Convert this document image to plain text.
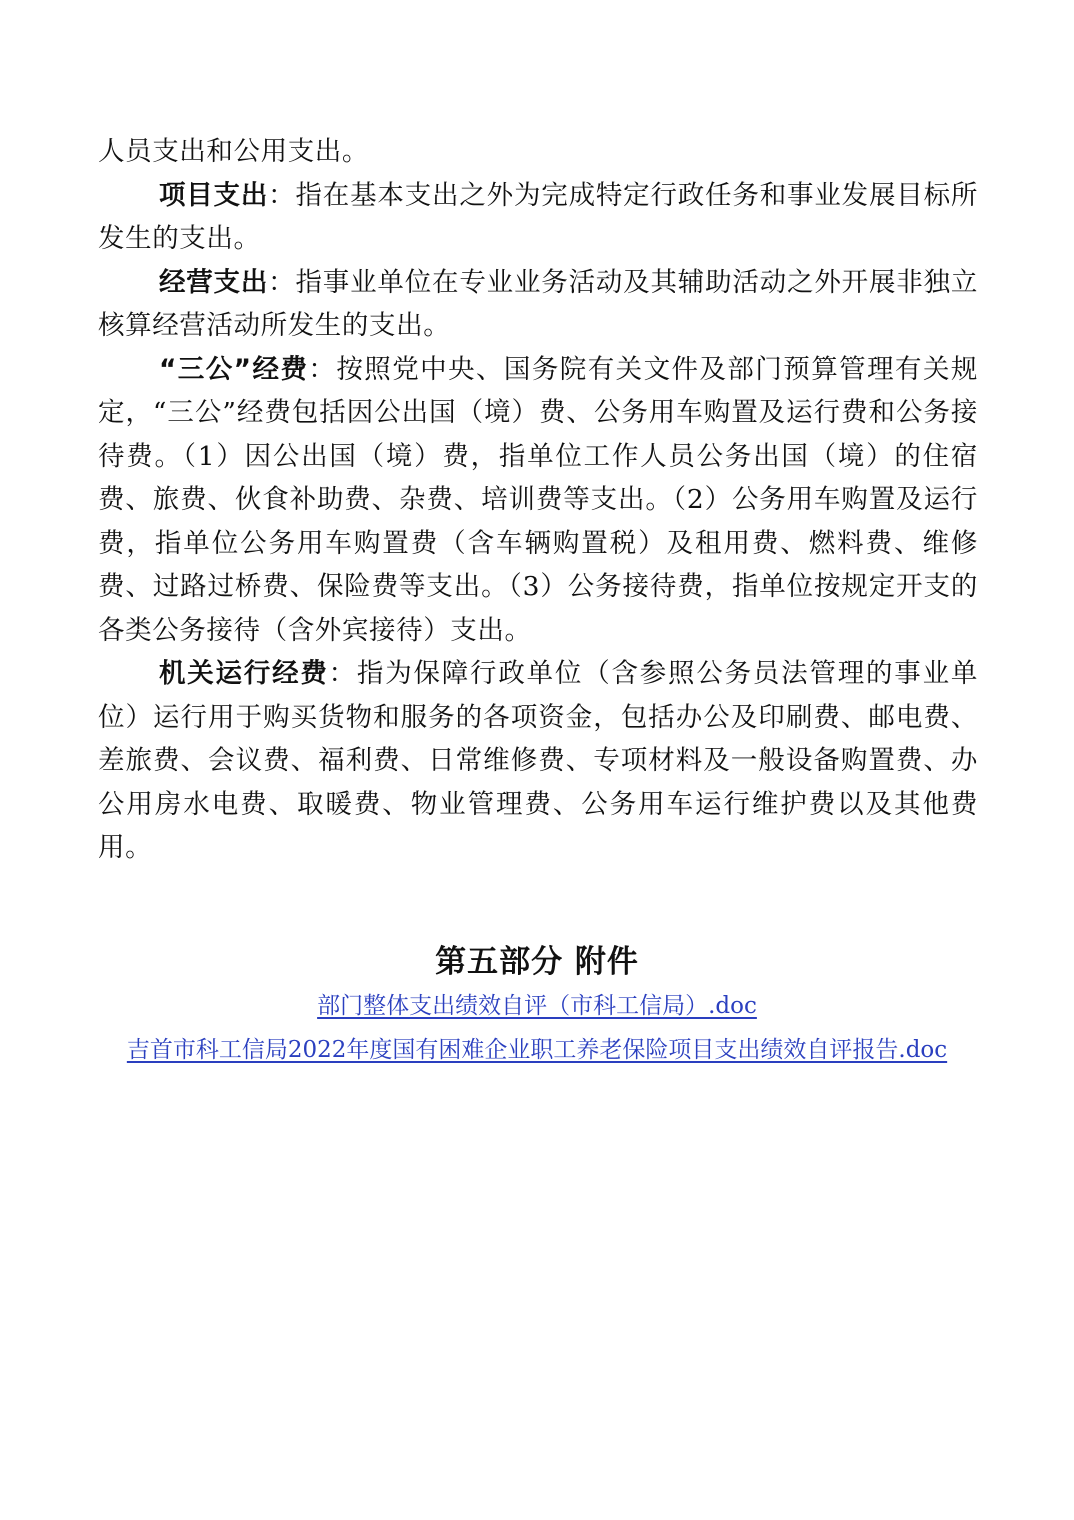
人员支出和公用支出。

项目支出：指在基本支出之外为完成特定行政任务和事业发展目标所发生的支出。

经营支出：指事业单位在专业业务活动及其辅助活动之外开展非独立核算经营活动所发生的支出。

“三公”经费：按照党中央、国务院有关文件及部门预算管理有关规定，“三公”经费包括因公出国（境）费、公务用车购置及运行费和公务接待费。（1）因公出国（境）费，指单位工作人员公务出国（境）的住宿费、旅费、伙食补助费、杂费、培训费等支出。（2）公务用车购置及运行费，指单位公务用车购置费（含车辆购置税）及租用费、燃料费、维修费、过路过桥费、保险费等支出。（3）公务接待费，指单位按规定开支的各类公务接待（含外宾接待）支出。

机关运行经费：指为保障行政单位（含参照公务员法管理的事业单位）运行用于购买货物和服务的各项资金，包括办公及印刷费、邮电费、差旅费、会议费、福利费、日常维修费、专项材料及一般设备购置费、办公用房水电费、取暖费、物业管理费、公务用车运行维护费以及其他费用。

第五部分 附件
部门整体支出绩效自评（市科工信局）.doc
吉首市科工信局2022年度国有困难企业职工养老保险项目支出绩效自评报告.doc
